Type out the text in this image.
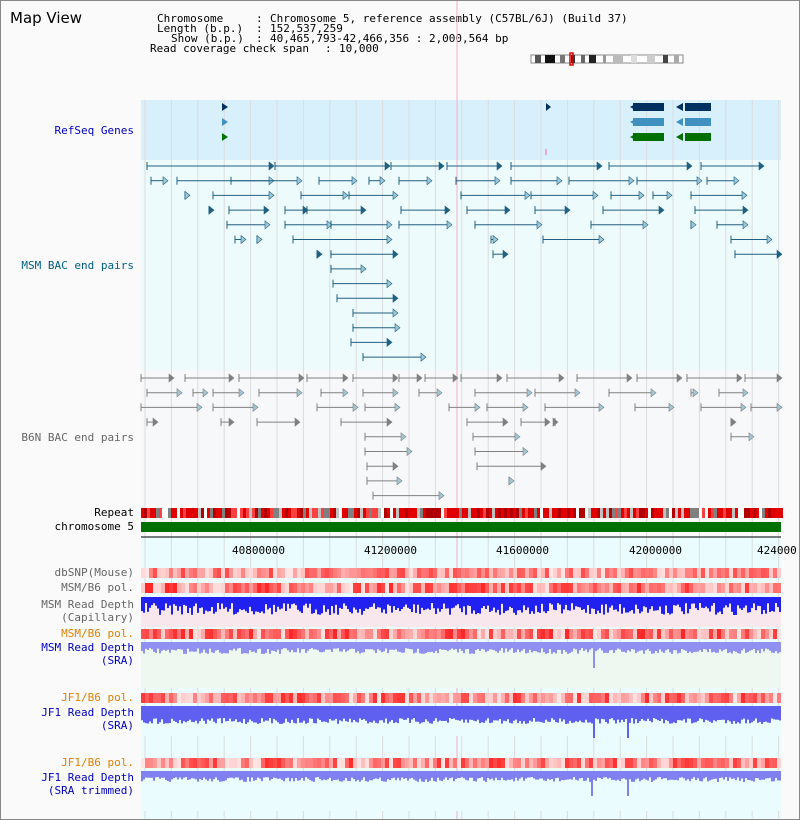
Map View	Chromosome	: Chromosome 5, reference assembly (C57BL/6J) (Build 37)
Length (b.p.) : 152,537,259
Show (b.p.) : 40,465,793-42,466,356 : 2,000,564 bp
Read coverage check span : 10,000
RefSeq Genes
MSM BAC end pairs
B6N BAC end pairs
Repeat
chromosome 5
dbSNP(Mouse)
MSM/B6 pol.
MSM Read Depth
(Capillary)
MSM/B6 pol.
MSM Read Depth
(SRA)
JF1/B6 pol.
JF1 Read Depth
(SRA)
JF1/B6 pol.
JF1 Read Depth
(SRA trimmed)
40800000	41200000	41600000	42000000	424000
